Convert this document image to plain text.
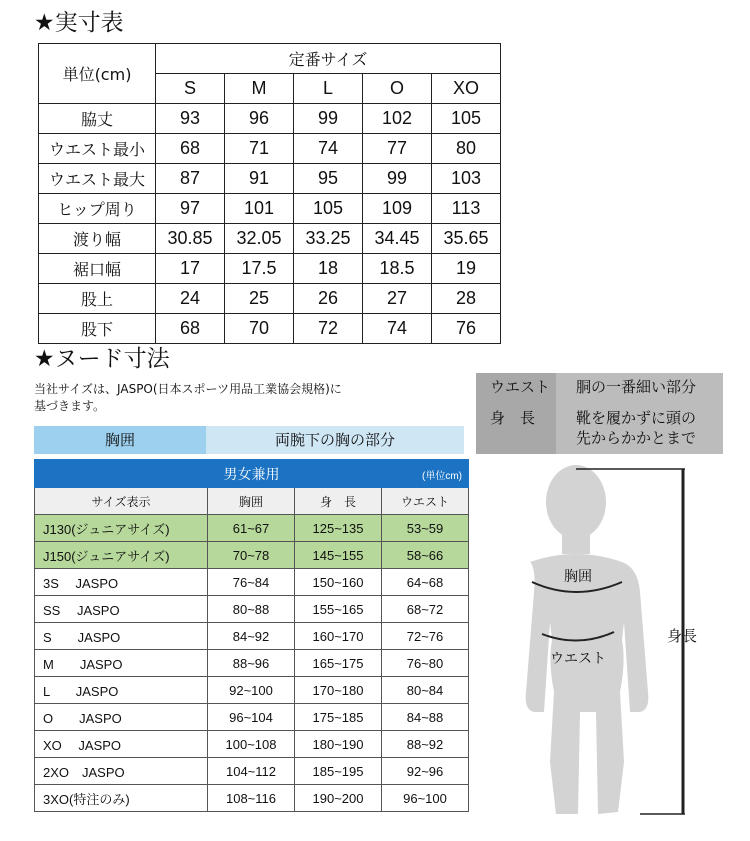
★実寸表
単位(cm)	定番サイズ				
	S	M	L	O	XO
脇丈	93	96	99	102	105
ウエスト最小	68	71	74	77	80
ウエスト最大	87	91	95	99	103
ヒップ周り	97	101	105	109	113
渡り幅	30.85	32.05	33.25	34.45	35.65
裾口幅	17	17.5	18	18.5	19
股上	24	25	26	27	28
股下	68	70	72	74	76
★ヌード寸法
当社サイズは、JASPO(日本スポーツ用品工業協会規格)に
基づきます。
胸囲	両腕下の胸の部分
男女兼用 (単位cm)			

サイズ表示	胸囲	身　長	ウエスト
J130(ジュニアサイズ)	61~67	125~135	53~59
J150(ジュニアサイズ)	70~78	145~155	58~66
3S　 JASPO	76~84	150~160	64~68
SS　 JASPO	80~88	155~165	68~72
S　　JASPO	84~92	160~170	72~76
M　　JASPO	88~96	165~175	76~80
L　　JASPO	92~100	170~180	80~84
O　　JASPO	96~104	175~185	84~88
XO　 JASPO	100~108	180~190	88~92
2XO　JASPO	104~112	185~195	92~96
3XO(特注のみ)	108~116	190~200	96~100
ウエスト 胴の一番細い部分
身　長	靴を履かずに頭の
先からかかとまで
胸囲
ウエスト
身長
